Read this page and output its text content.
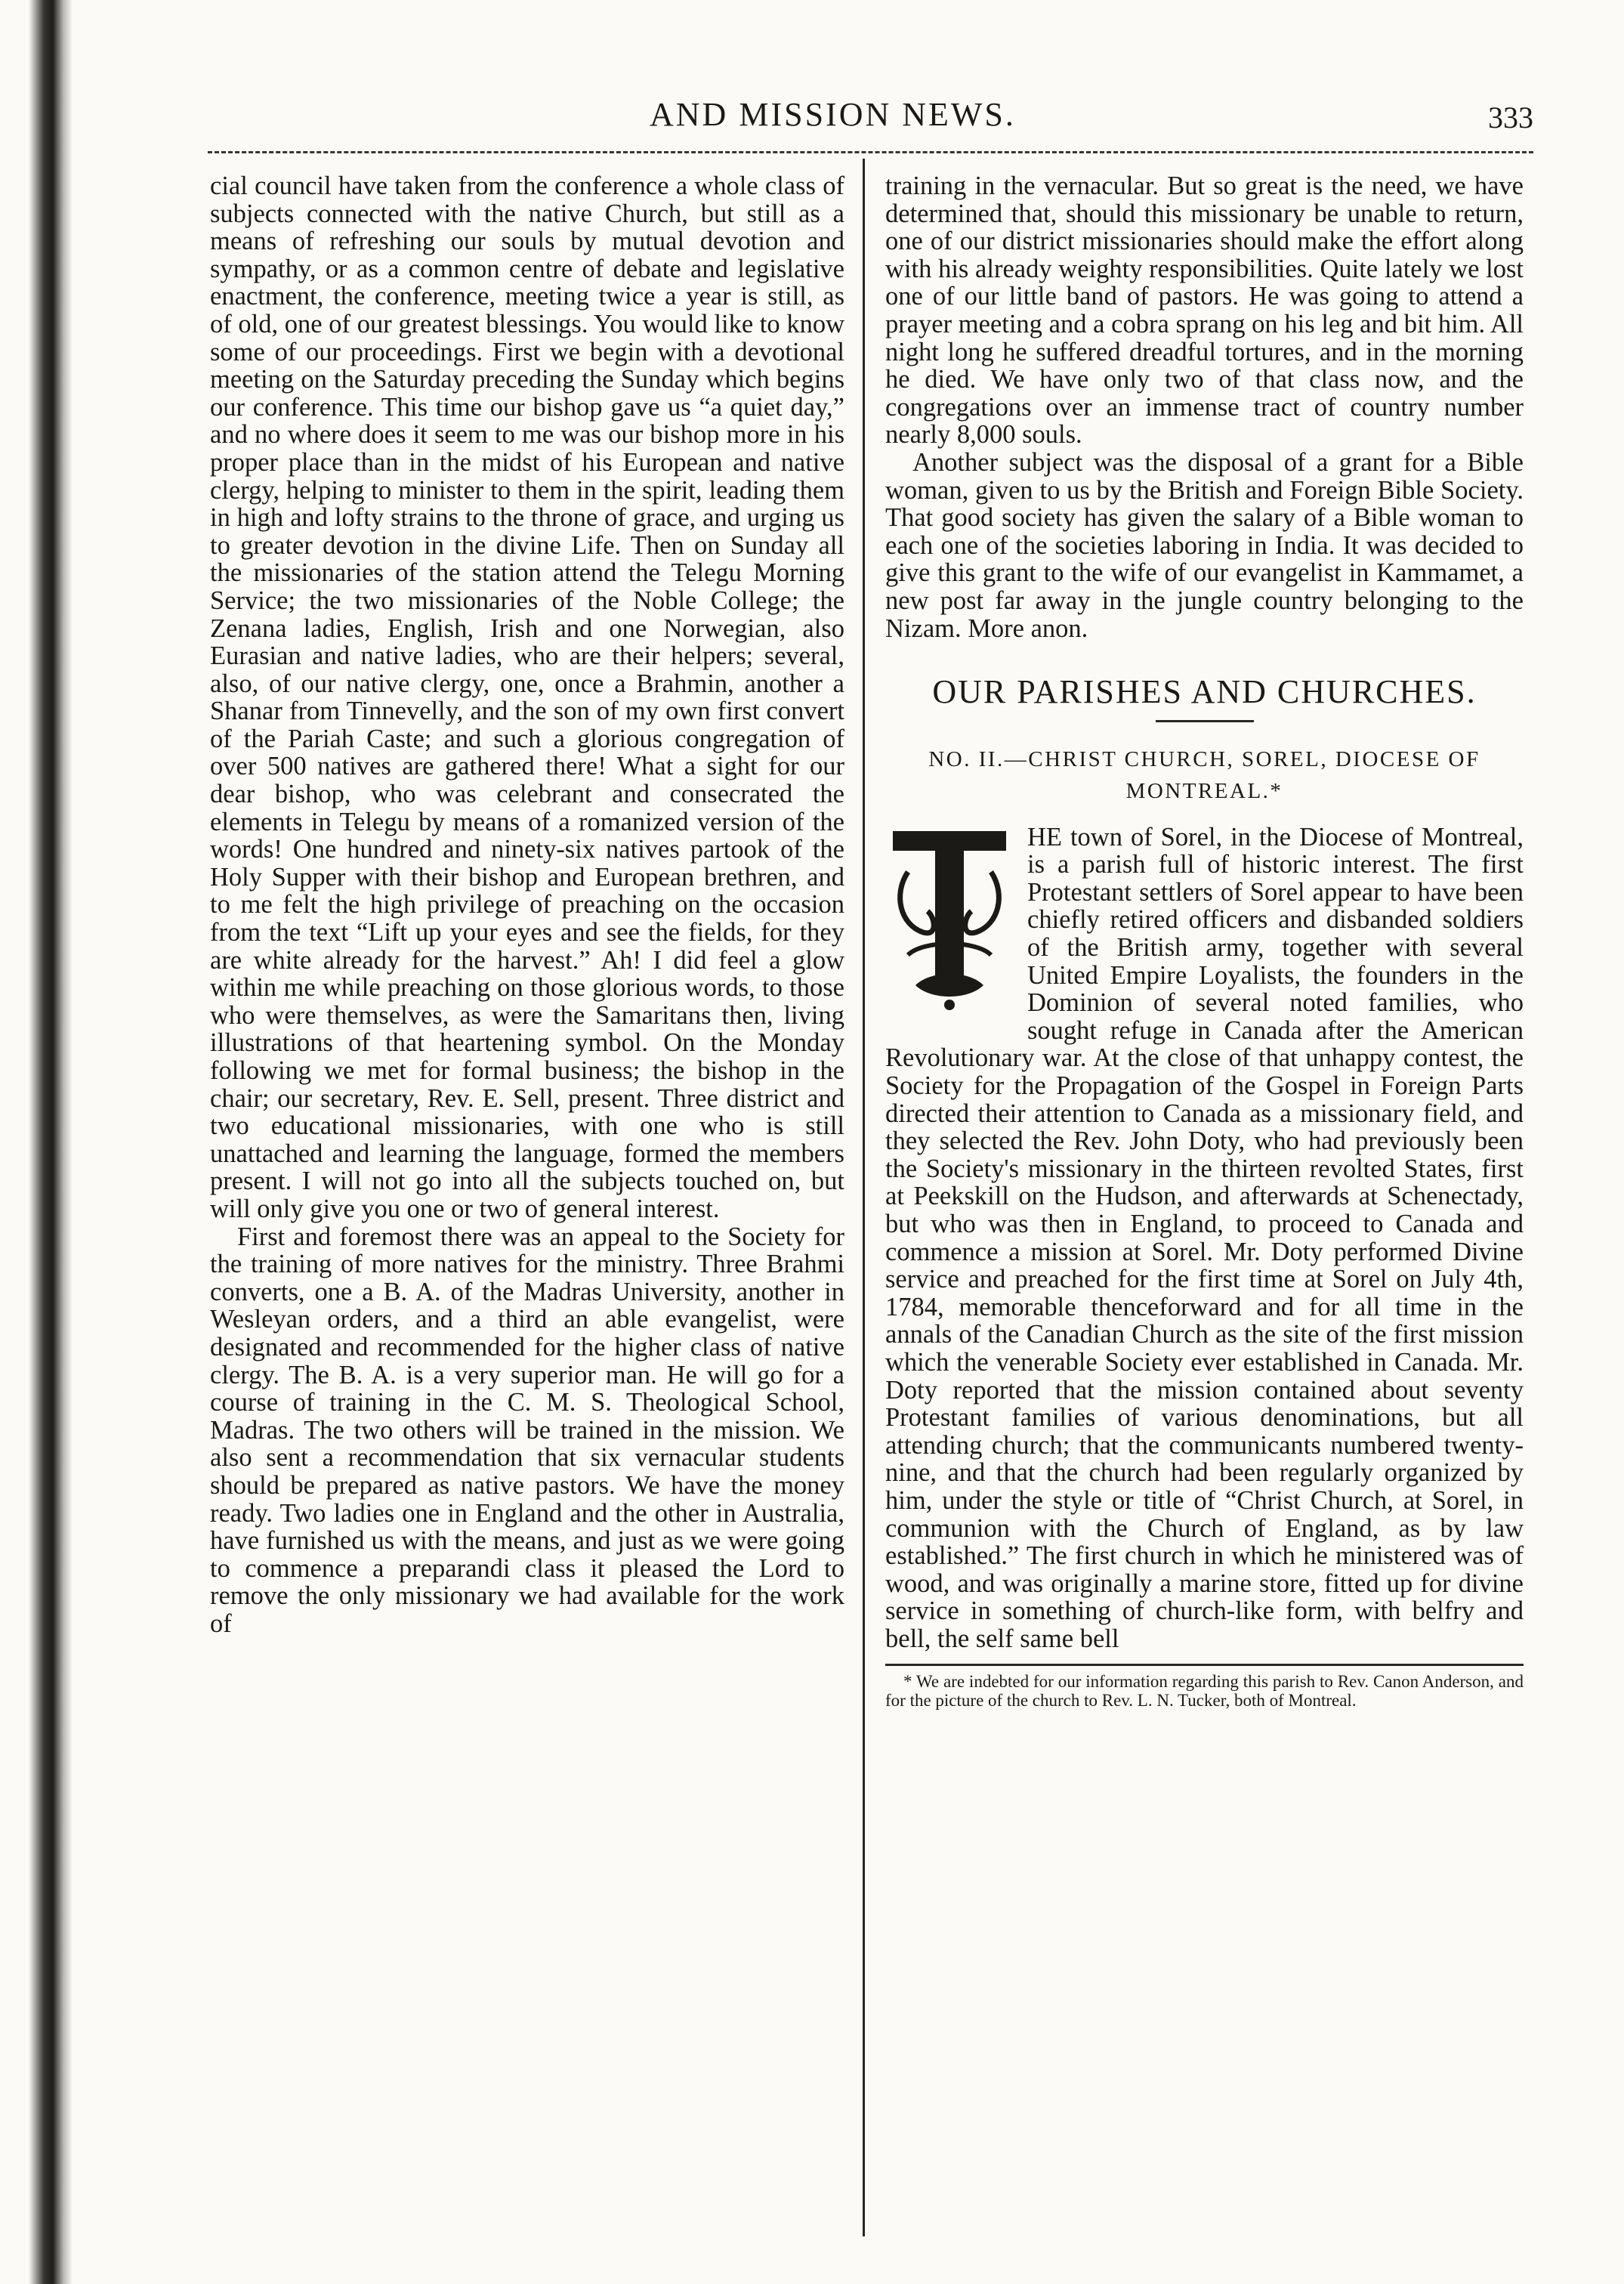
AND MISSION NEWS.	333

cial council have taken from the conference a whole class of subjects connected with the native Church, but still as a means of refreshing our souls by mutual devotion and sympathy, or as a common centre of debate and legislative enactment, the conference, meeting twice a year is still, as of old, one of our greatest blessings. You would like to know some of our proceedings. First we begin with a devotional meeting on the Saturday preceding the Sunday which begins our conference. This time our bishop gave us “a quiet day,” and no where does it seem to me was our bishop more in his proper place than in the midst of his European and native clergy, helping to minister to them in the spirit, leading them in high and lofty strains to the throne of grace, and urging us to greater devotion in the divine Life. Then on Sunday all the missionaries of the station attend the Telegu Morning Service; the two missionaries of the Noble College; the Zenana ladies, English, Irish and one Norwegian, also Eurasian and native ladies, who are their helpers; several, also, of our native clergy, one, once a Brahmin, another a Shanar from Tinnevelly, and the son of my own first convert of the Pariah Caste; and such a glorious congregation of over 500 natives are gathered there! What a sight for our dear bishop, who was celebrant and consecrated the elements in Telegu by means of a romanized version of the words! One hundred and ninety-six natives partook of the Holy Supper with their bishop and European brethren, and to me felt the high privilege of preaching on the occasion from the text “Lift up your eyes and see the fields, for they are white already for the harvest.” Ah! I did feel a glow within me while preaching on those glorious words, to those who were themselves, as were the Samaritans then, living illustrations of that heartening symbol. On the Monday following we met for formal business; the bishop in the chair; our secretary, Rev. E. Sell, present. Three district and two educational missionaries, with one who is still unattached and learning the language, formed the members present. I will not go into all the subjects touched on, but will only give you one or two of general interest.

First and foremost there was an appeal to the Society for the training of more natives for the ministry. Three Brahmi converts, one a B. A. of the Madras University, another in Wesleyan orders, and a third an able evangelist, were designated and recommended for the higher class of native clergy. The B. A. is a very superior man. He will go for a course of training in the C. M. S. Theological School, Madras. The two others will be trained in the mission. We also sent a recommendation that six vernacular students should be prepared as native pastors. We have the money ready. Two ladies one in England and the other in Australia, have furnished us with the means, and just as we were going to commence a preparandi class it pleased the Lord to remove the only missionary we had available for the work of

training in the vernacular. But so great is the need, we have determined that, should this missionary be unable to return, one of our district missionaries should make the effort along with his already weighty responsibilities. Quite lately we lost one of our little band of pastors. He was going to attend a prayer meeting and a cobra sprang on his leg and bit him. All night long he suffered dreadful tortures, and in the morning he died. We have only two of that class now, and the congregations over an immense tract of country number nearly 8,000 souls.

Another subject was the disposal of a grant for a Bible woman, given to us by the British and Foreign Bible Society. That good society has given the salary of a Bible woman to each one of the societies laboring in India. It was decided to give this grant to the wife of our evangelist in Kammamet, a new post far away in the jungle country belonging to the Nizam. More anon.

OUR PARISHES AND CHURCHES.
NO. II.—CHRIST CHURCH, SOREL, DIOCESE OF MONTREAL.*

HE town of Sorel, in the Diocese of Montreal, is a parish full of historic interest. The first Protestant settlers of Sorel appear to have been chiefly retired officers and disbanded soldiers of the British army, together with several United Empire Loyalists, the founders in the Dominion of several noted families, who sought refuge in Canada after the American Revolutionary war. At the close of that unhappy contest, the Society for the Propagation of the Gospel in Foreign Parts directed their attention to Canada as a missionary field, and they selected the Rev. John Doty, who had previously been the Society's missionary in the thirteen revolted States, first at Peekskill on the Hudson, and afterwards at Schenectady, but who was then in England, to proceed to Canada and commence a mission at Sorel. Mr. Doty performed Divine service and preached for the first time at Sorel on July 4th, 1784, memorable thenceforward and for all time in the annals of the Canadian Church as the site of the first mission which the venerable Society ever established in Canada. Mr. Doty reported that the mission contained about seventy Protestant families of various denominations, but all attending church; that the communicants numbered twenty-nine, and that the church had been regularly organized by him, under the style or title of “Christ Church, at Sorel, in communion with the Church of England, as by law established.” The first church in which he ministered was of wood, and was originally a marine store, fitted up for divine service in something of church-like form, with belfry and bell, the self same bell

* We are indebted for our information regarding this parish to Rev. Canon Anderson, and for the picture of the church to Rev. L. N. Tucker, both of Montreal.
